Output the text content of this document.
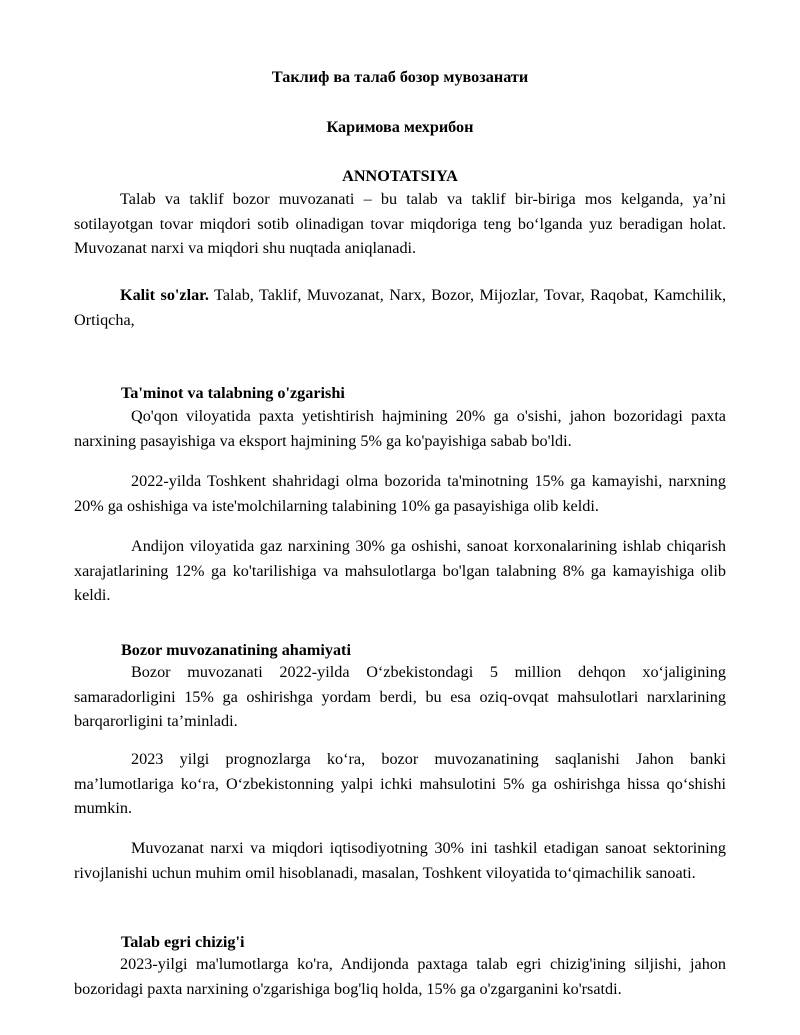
Таклиф ва талаб бозор мувозанати
Каримова мехрибон
ANNOTATSIYA

Talab va taklif bozor muvozanati – bu talab va taklif bir-biriga mos kelganda, ya’ni sotilayotgan tovar miqdori sotib olinadigan tovar miqdoriga teng bo‘lganda yuz beradigan holat. Muvozanat narxi va miqdori shu nuqtada aniqlanadi.

Kalit so'zlar. Talab, Taklif, Muvozanat, Narx, Bozor, Mijozlar, Tovar, Raqobat, Kamchilik, Ortiqcha,

Ta'minot va talabning o'zgarishi

Qo'qon viloyatida paxta yetishtirish hajmining 20% ga o'sishi, jahon bozoridagi paxta narxining pasayishiga va eksport hajmining 5% ga ko'payishiga sabab bo'ldi.

2022-yilda Toshkent shahridagi olma bozorida ta'minotning 15% ga kamayishi, narxning 20% ga oshishiga va iste'molchilarning talabining 10% ga pasayishiga olib keldi.

Andijon viloyatida gaz narxining 30% ga oshishi, sanoat korxonalarining ishlab chiqarish xarajatlarining 12% ga ko'tarilishiga va mahsulotlarga bo'lgan talabning 8% ga kamayishiga olib keldi.

Bozor muvozanatining ahamiyati

Bozor muvozanati 2022-yilda O‘zbekistondagi 5 million dehqon xo‘jaligining samaradorligini 15% ga oshirishga yordam berdi, bu esa oziq-ovqat mahsulotlari narxlarining barqarorligini ta’minladi.

2023 yilgi prognozlarga ko‘ra, bozor muvozanatining saqlanishi Jahon banki ma’lumotlariga ko‘ra, O‘zbekistonning yalpi ichki mahsulotini 5% ga oshirishga hissa qo‘shishi mumkin.

Muvozanat narxi va miqdori iqtisodiyotning 30% ini tashkil etadigan sanoat sektorining rivojlanishi uchun muhim omil hisoblanadi, masalan, Toshkent viloyatida to‘qimachilik sanoati.

Talab egri chizig'i

2023-yilgi ma'lumotlarga ko'ra, Andijonda paxtaga talab egri chizig'ining siljishi, jahon bozoridagi paxta narxining o'zgarishiga bog'liq holda, 15% ga o'zgarganini ko'rsatdi.
